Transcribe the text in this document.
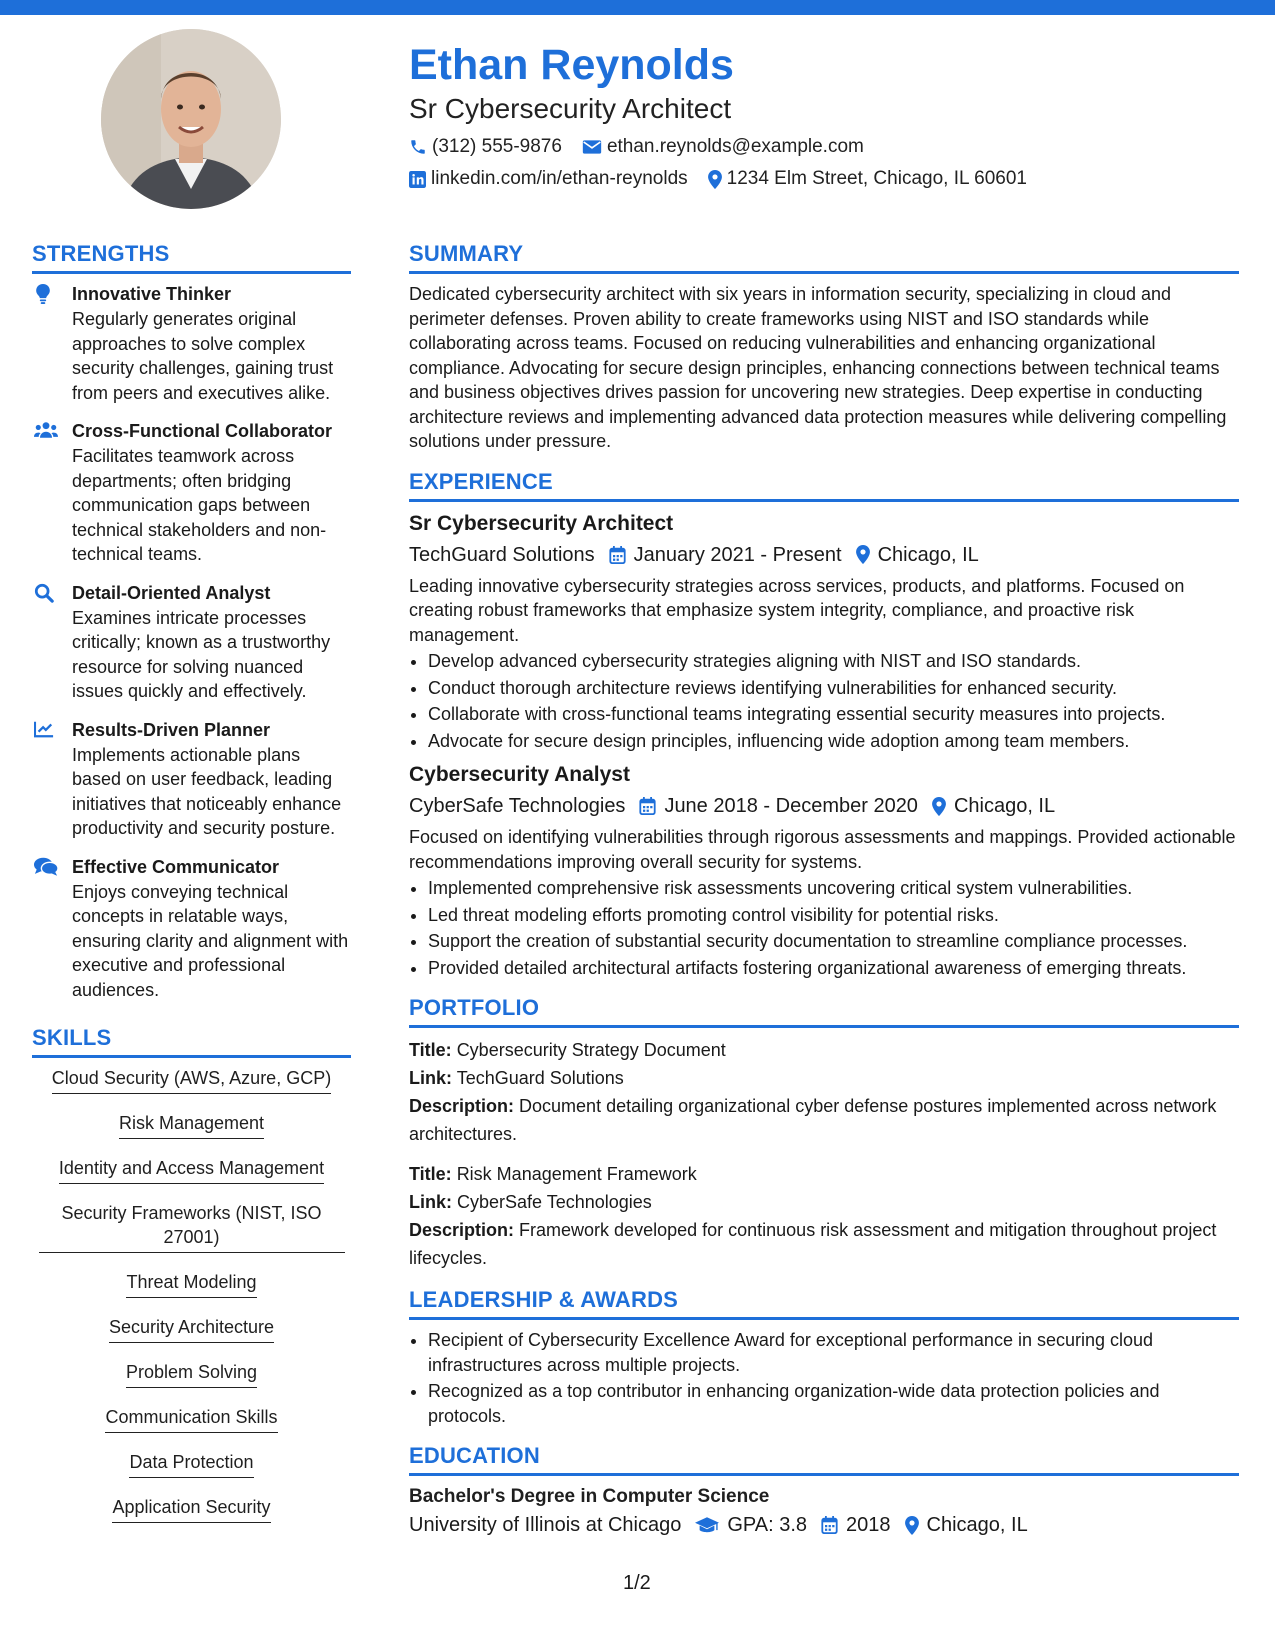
Ethan Reynolds
Sr Cybersecurity Architect
(312) 555-9876 ethan.reynolds@example.com
linkedin.com/in/ethan-reynolds 1234 Elm Street, Chicago, IL 60601
STRENGTHS
Innovative Thinker
Regularly generates original approaches to solve complex security challenges, gaining trust from peers and executives alike.
Cross-Functional Collaborator
Facilitates teamwork across departments; often bridging communication gaps between technical stakeholders and non-technical teams.
Detail-Oriented Analyst
Examines intricate processes critically; known as a trustworthy resource for solving nuanced issues quickly and effectively.
Results-Driven Planner
Implements actionable plans based on user feedback, leading initiatives that noticeably enhance productivity and security posture.
Effective Communicator
Enjoys conveying technical concepts in relatable ways, ensuring clarity and alignment with executive and professional audiences.
SKILLS
Cloud Security (AWS, Azure, GCP)
Risk Management
Identity and Access Management
Security Frameworks (NIST, ISO 27001)
Threat Modeling
Security Architecture
Problem Solving
Communication Skills
Data Protection
Application Security
SUMMARY

Dedicated cybersecurity architect with six years in information security, specializing in cloud and perimeter defenses. Proven ability to create frameworks using NIST and ISO standards while collaborating across teams. Focused on reducing vulnerabilities and enhancing organizational compliance. Advocating for secure design principles, enhancing connections between technical teams and business objectives drives passion for uncovering new strategies. Deep expertise in conducting architecture reviews and implementing advanced data protection measures while delivering compelling solutions under pressure.

EXPERIENCE
Sr Cybersecurity Architect
TechGuard Solutions January 2021 - Present Chicago, IL

Leading innovative cybersecurity strategies across services, products, and platforms. Focused on creating robust frameworks that emphasize system integrity, compliance, and proactive risk management.

• Develop advanced cybersecurity strategies aligning with NIST and ISO standards.
• Conduct thorough architecture reviews identifying vulnerabilities for enhanced security.
• Collaborate with cross-functional teams integrating essential security measures into projects.
• Advocate for secure design principles, influencing wide adoption among team members.
Cybersecurity Analyst
CyberSafe Technologies June 2018 - December 2020 Chicago, IL

Focused on identifying vulnerabilities through rigorous assessments and mappings. Provided actionable recommendations improving overall security for systems.

• Implemented comprehensive risk assessments uncovering critical system vulnerabilities.
• Led threat modeling efforts promoting control visibility for potential risks.
• Support the creation of substantial security documentation to streamline compliance processes.
• Provided detailed architectural artifacts fostering organizational awareness of emerging threats.
PORTFOLIO
Title: Cybersecurity Strategy Document
Link: TechGuard Solutions
Description: Document detailing organizational cyber defense postures implemented across network architectures.
Title: Risk Management Framework
Link: CyberSafe Technologies
Description: Framework developed for continuous risk assessment and mitigation throughout project lifecycles.
LEADERSHIP & AWARDS
• Recipient of Cybersecurity Excellence Award for exceptional performance in securing cloud infrastructures across multiple projects.
• Recognized as a top contributor in enhancing organization-wide data protection policies and protocols.
EDUCATION
Bachelor's Degree in Computer Science
University of Illinois at Chicago GPA: 3.8 2018 Chicago, IL
1/2
